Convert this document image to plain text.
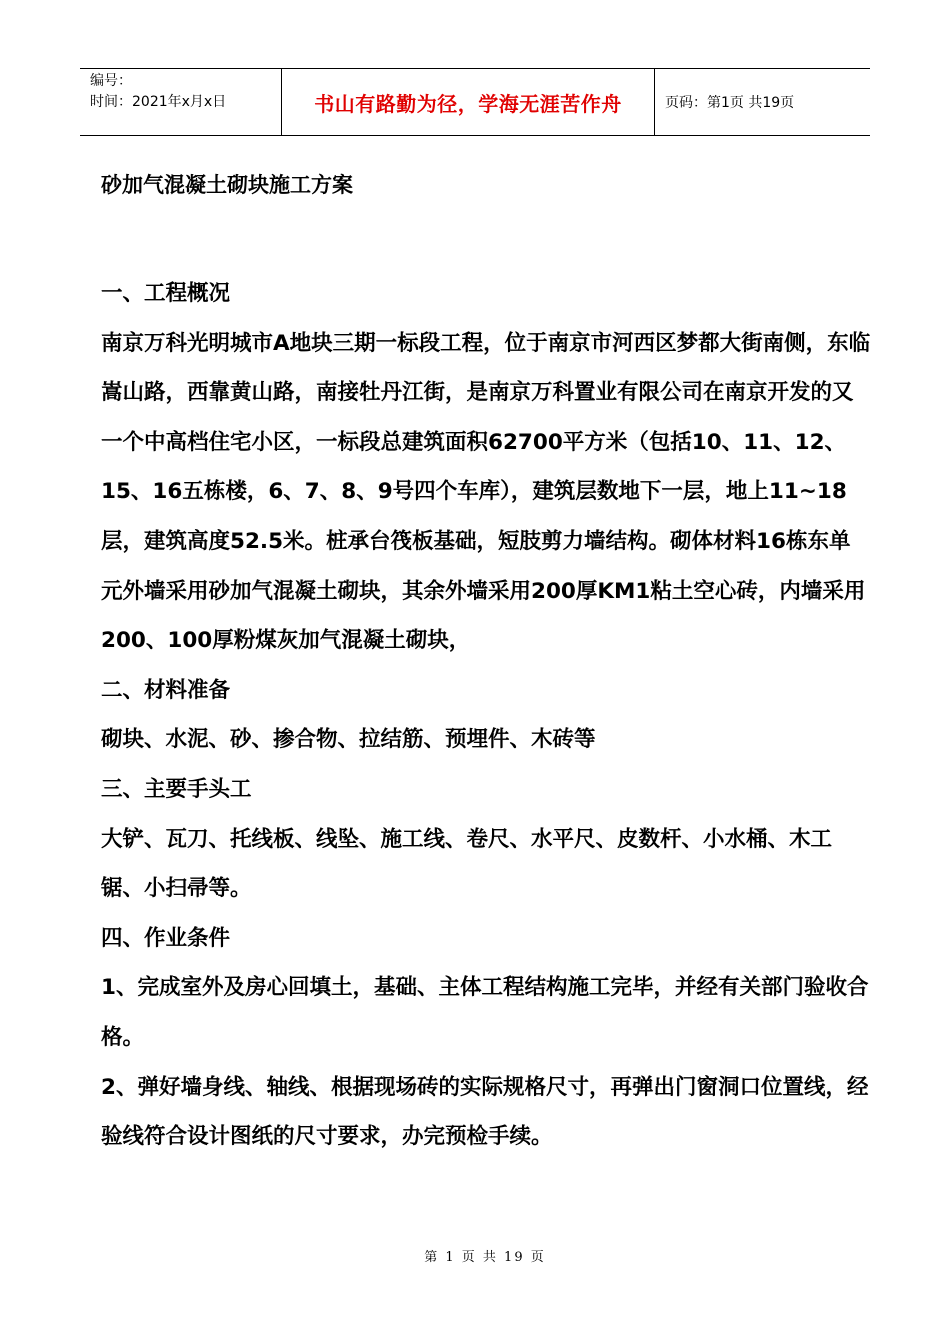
编号：
时间：2021年x月x日	书山有路勤为径，学海无涯苦作舟	页码：第1页 共19页
砂加气混凝土砌块施工方案

一、工程概况

南京万科光明城市A地块三期一标段工程，位于南京市河西区梦都大街南侧，东临嵩山路，西靠黄山路，南接牡丹江街，是南京万科置业有限公司在南京开发的又一个中高档住宅小区，一标段总建筑面积62700平方米（包括10、11、12、15、16五栋楼，6、7、8、9号四个车库），建筑层数地下一层，地上11~18层，建筑高度52.5米。桩承台筏板基础，短肢剪力墙结构。砌体材料16栋东单元外墙采用砂加气混凝土砌块，其余外墙采用200厚KM1粘土空心砖，内墙采用200、100厚粉煤灰加气混凝土砌块，

二、材料准备

砌块、水泥、砂、掺合物、拉结筋、预埋件、木砖等

三、主要手头工

大铲、瓦刀、托线板、线坠、施工线、卷尺、水平尺、皮数杆、小水桶、木工锯、小扫帚等。

四、作业条件

1、完成室外及房心回填土，基础、主体工程结构施工完毕，并经有关部门验收合格。

2、弹好墙身线、轴线、根据现场砖的实际规格尺寸，再弹出门窗洞口位置线，经验线符合设计图纸的尺寸要求，办完预检手续。

第 1 页 共 19 页
